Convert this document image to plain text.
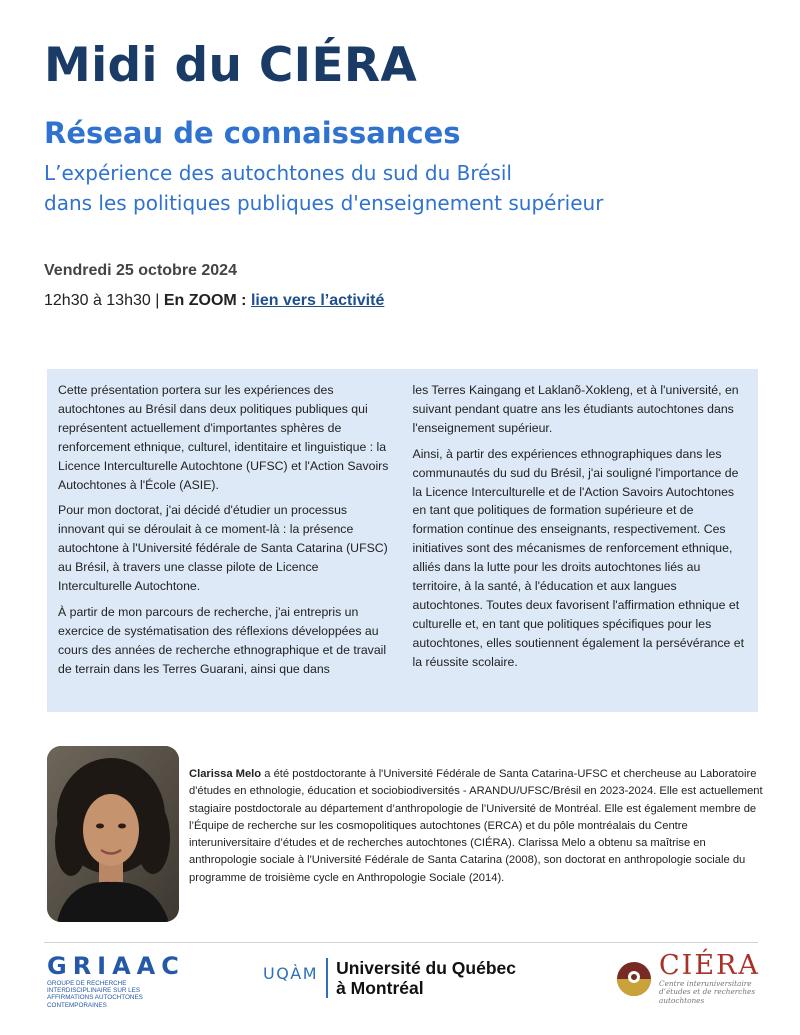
Midi du CIÉRA
Réseau de connaissances
L’expérience des autochtones du sud du Brésil
dans les politiques publiques d'enseignement supérieur
Vendredi 25 octobre 2024
12h30 à 13h30 | En ZOOM : lien vers l’activité

Cette présentation portera sur les expériences des autochtones au Brésil dans deux politiques publiques qui représentent actuellement d'importantes sphères de renforcement ethnique, culturel, identitaire et linguistique : la Licence Interculturelle Autochtone (UFSC) et l'Action Savoirs Autochtones à l'École (ASIE).

Pour mon doctorat, j'ai décidé d'étudier un processus innovant qui se déroulait à ce moment-là : la présence autochtone à l'Université fédérale de Santa Catarina (UFSC) au Brésil, à travers une classe pilote de Licence Interculturelle Autochtone.

À partir de mon parcours de recherche, j'ai entrepris un exercice de systématisation des réflexions développées au cours des années de recherche ethnographique et de travail de terrain dans les Terres Guarani, ainsi que dans

les Terres Kaingang et Laklanõ-Xokleng, et à l'université, en suivant pendant quatre ans les étudiants autochtones dans l'enseignement supérieur.

Ainsi, à partir des expériences ethnographiques dans les communautés du sud du Brésil, j'ai souligné l'importance de la Licence Interculturelle et de l'Action Savoirs Autochtones en tant que politiques de formation supérieure et de formation continue des enseignants, respectivement. Ces initiatives sont des mécanismes de renforcement ethnique, alliés dans la lutte pour les droits autochtones liés au territoire, à la santé, à l'éducation et aux langues autochtones. Toutes deux favorisent l'affirmation ethnique et culturelle et, en tant que politiques spécifiques pour les autochtones, elles soutiennent également la persévérance et la réussite scolaire.

Clarissa Melo a été postdoctorante à l'Université Fédérale de Santa Catarina-UFSC et chercheuse au Laboratoire d'études en ethnologie, éducation et sociobiodiversités - ARANDU/UFSC/Brésil en 2023-2024. Elle est actuellement stagiaire postdoctorale au département d’anthropologie de l’Université de Montréal. Elle est également membre de l’Équipe de recherche sur les cosmopolitiques autochtones (ERCA) et du pôle montréalais du Centre interuniversitaire d’études et de recherches autochtones (CIÉRA). Clarissa Melo a obtenu sa maîtrise en anthropologie sociale à l'Université Fédérale de Santa Catarina (2008), son doctorat en anthropologie sociale du programme de troisième cycle en Anthropologie Sociale (2014).
GRIAAC
GROUPE DE RECHERCHE INTERDISCIPLINAIRE SUR LES AFFIRMATIONS AUTOCHTONES CONTEMPORAINES
UQÀM Université du Québec
à Montréal
CIÉRA
Centre interuniversitaire d’études et de recherches autochtones
